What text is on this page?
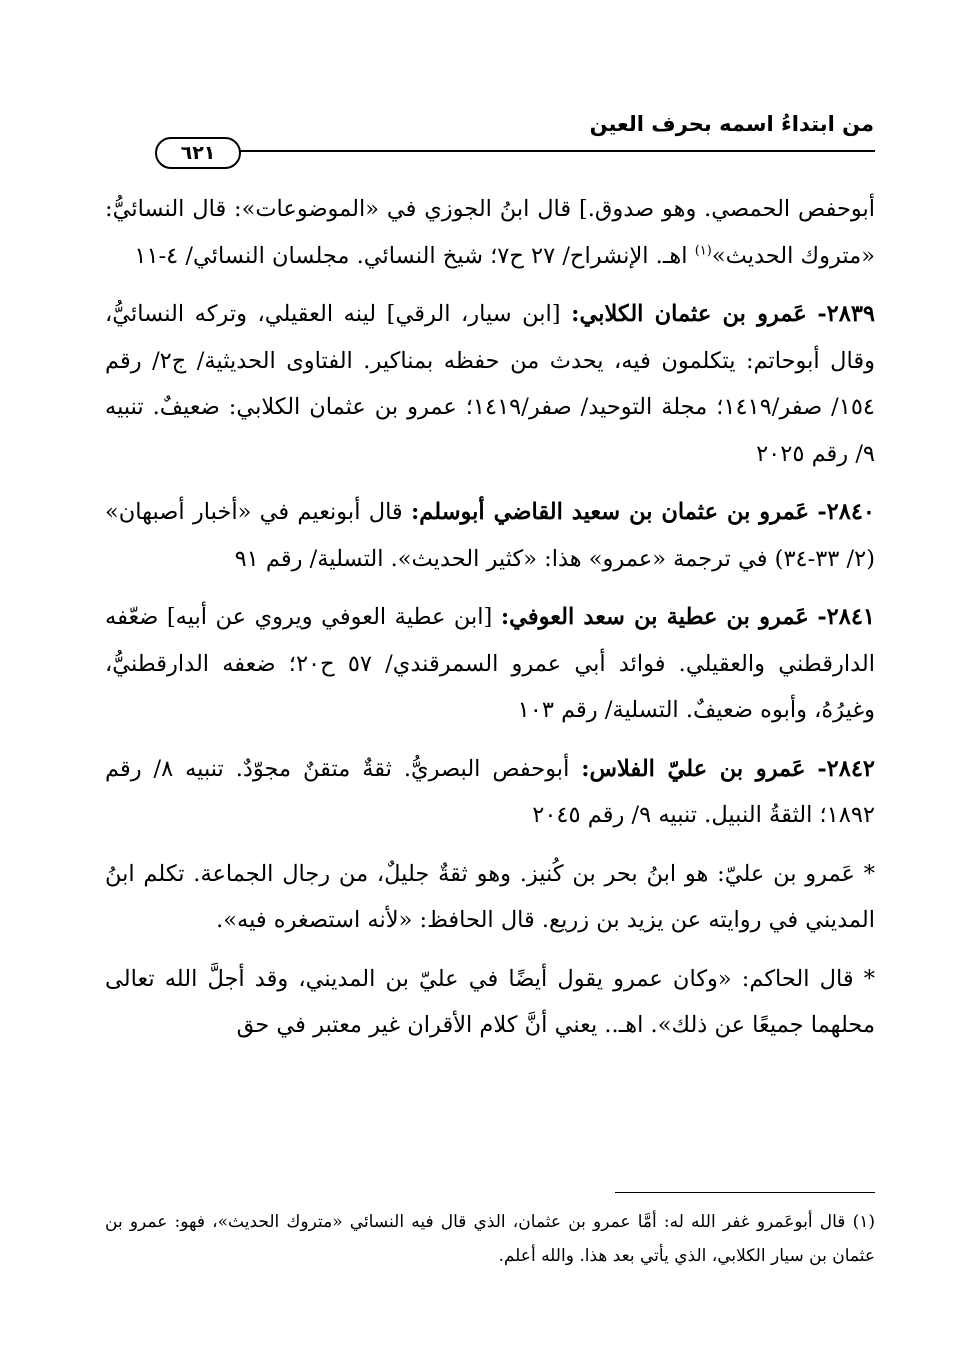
من ابتداءُ اسمه بحرف العين
٦٢١

أبوحفص الحمصي. وهو صدوق.] قال ابنُ الجوزي في «الموضوعات»: قال النسائيُّ: «متروك الحديث»$^{(١)}$ اهـ. الإنشراح/ ٢٧ ح٧؛ شيخ النسائي. مجلسان النسائي/ ٤-١١

٢٨٣٩- عَمرو بن عثمان الكلابي: [ابن سيار، الرقي] لينه العقيلي، وتركه النسائيُّ، وقال أبوحاتم: يتكلمون فيه، يحدث من حفظه بمناكير. الفتاوى الحديثية/ ج٢/ رقم ١٥٤/ صفر/١٤١٩؛ مجلة التوحيد/ صفر/١٤١٩؛ عمرو بن عثمان الكلابي: ضعيفٌ. تنبيه ٩/ رقم ٢٠٢٥

٢٨٤٠- عَمرو بن عثمان بن سعيد القاضي أبوسلم: قال أبونعيم في «أخبار أصبهان» (٢/ ٣٣-٣٤) في ترجمة «عمرو» هذا: «كثير الحديث». التسلية/ رقم ٩١

٢٨٤١- عَمرو بن عطية بن سعد العوفي: [ابن عطية العوفي ويروي عن أبيه] ضعّفه الدارقطني والعقيلي. فوائد أبي عمرو السمرقندي/ ٥٧ ح٢٠؛ ضعفه الدارقطنيُّ، وغيرُهُ، وأبوه ضعيفٌ. التسلية/ رقم ١٠٣

٢٨٤٢- عَمرو بن عليّ الفلاس: أبوحفص البصريُّ. ثقةٌ متقنٌ مجوّدٌ. تنبيه ٨/ رقم ١٨٩٢؛ الثقةُ النبيل. تنبيه ٩/ رقم ٢٠٤٥

* عَمرو بن عليّ: هو ابنُ بحر بن كُنيز. وهو ثقةٌ جليلٌ، من رجال الجماعة. تكلم ابنُ المديني في روايته عن يزيد بن زريع. قال الحافظ: «لأنه استصغره فيه».

* قال الحاكم: «وكان عمرو يقول أيضًا في عليّ بن المديني، وقد أجلَّ الله تعالى محلهما جميعًا عن ذلك». اهـ.. يعني أنَّ كلام الأقران غير معتبر في حق

(١) قال أبوعَمرو غفر الله له: أمَّا عمرو بن عثمان، الذي قال فيه النسائي «متروك الحديث»، فهو: عمرو بن عثمان بن سيار الكلابي، الذي يأتي بعد هذا. والله أعلم.
